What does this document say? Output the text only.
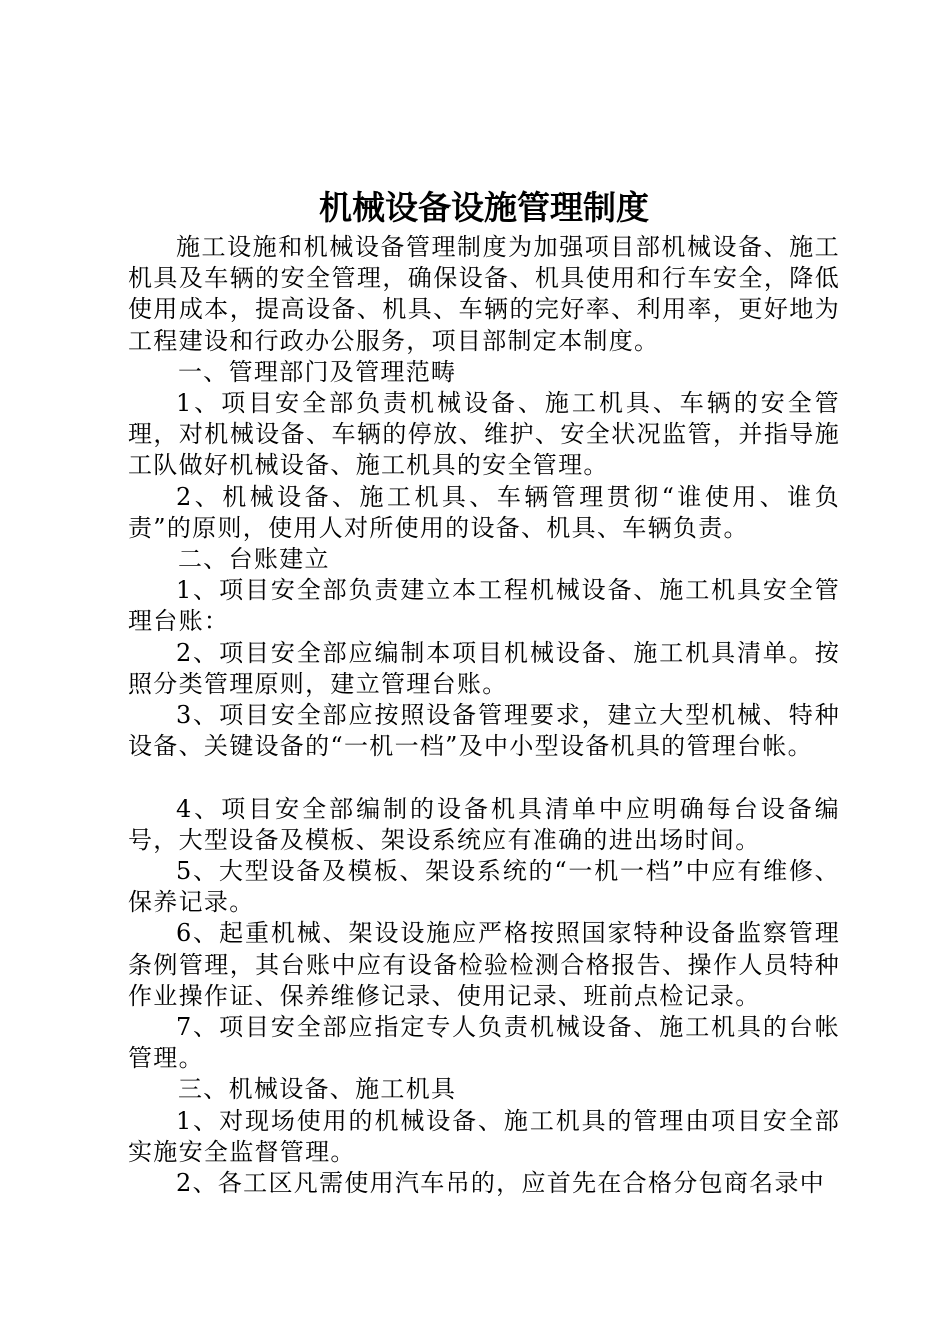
机械设备设施管理制度

施工设施和机械设备管理制度为加强项目部机械设备、施工机具及车辆的安全管理，确保设备、机具使用和行车安全，降低使用成本，提高设备、机具、车辆的完好率、利用率，更好地为工程建设和行政办公服务，项目部制定本制度。

一、管理部门及管理范畴

1、项目安全部负责机械设备、施工机具、车辆的安全管理，对机械设备、车辆的停放、维护、安全状况监管，并指导施工队做好机械设备、施工机具的安全管理。

2、机械设备、施工机具、车辆管理贯彻“谁使用、谁负责”的原则，使用人对所使用的设备、机具、车辆负责。

二、台账建立

1、项目安全部负责建立本工程机械设备、施工机具安全管理台账：

2、项目安全部应编制本项目机械设备、施工机具清单。按照分类管理原则，建立管理台账。

3、项目安全部应按照设备管理要求，建立大型机械、特种设备、关键设备的“一机一档”及中小型设备机具的管理台帐。

4、项目安全部编制的设备机具清单中应明确每台设备编号，大型设备及模板、架设系统应有准确的进出场时间。

5、大型设备及模板、架设系统的“一机一档”中应有维修、保养记录。

6、起重机械、架设设施应严格按照国家特种设备监察管理条例管理，其台账中应有设备检验检测合格报告、操作人员特种作业操作证、保养维修记录、使用记录、班前点检记录。

7、项目安全部应指定专人负责机械设备、施工机具的台帐管理。

三、机械设备、施工机具

1、对现场使用的机械设备、施工机具的管理由项目安全部实施安全监督管理。

2、各工区凡需使用汽车吊的，应首先在合格分包商名录中
